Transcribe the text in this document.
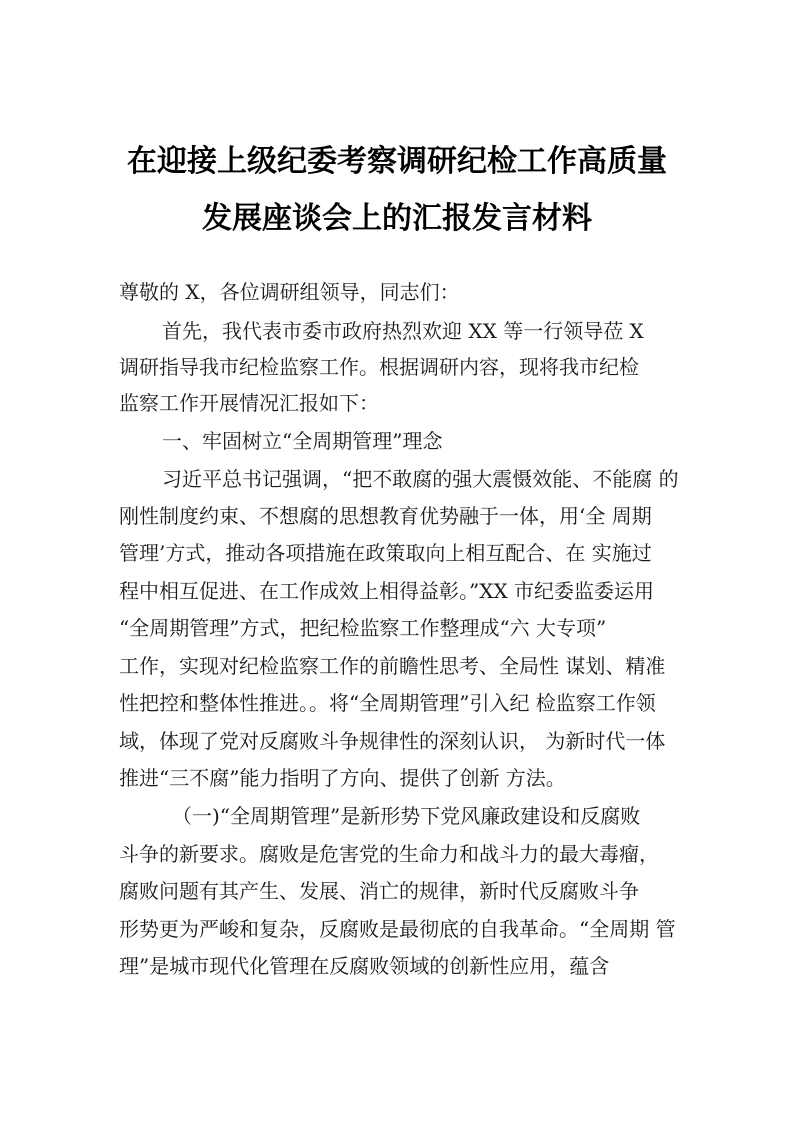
在迎接上级纪委考察调研纪检工作高质量
发展座谈会上的汇报发言材料
尊敬的 X，各位调研组领导，同志们：
首先，我代表市委市政府热烈欢迎 XX 等一行领导莅 X
调研指导我市纪检监察工作。根据调研内容，现将我市纪检
监察工作开展情况汇报如下：
一、牢固树立“全周期管理”理念
习近平总书记强调，“把不敢腐的强大震慑效能、不能腐 的
刚性制度约束、不想腐的思想教育优势融于一体，用‘全 周期
管理’方式，推动各项措施在政策取向上相互配合、在 实施过
程中相互促进、在工作成效上相得益彰。”XX 市纪委监委运用
“全周期管理”方式，把纪检监察工作整理成“六 大专项”
工作，实现对纪检监察工作的前瞻性思考、全局性 谋划、精准
性把控和整体性推进。。将“全周期管理”引入纪 检监察工作领
域，体现了党对反腐败斗争规律性的深刻认识， 为新时代一体
推进“三不腐”能力指明了方向、提供了创新 方法。
（一)“全周期管理”是新形势下党风廉政建设和反腐败
斗争的新要求。腐败是危害党的生命力和战斗力的最大毒瘤，
腐败问题有其产生、发展、消亡的规律，新时代反腐败斗争
形势更为严峻和复杂，反腐败是最彻底的自我革命。“全周期 管
理”是城市现代化管理在反腐败领域的创新性应用，蕴含
